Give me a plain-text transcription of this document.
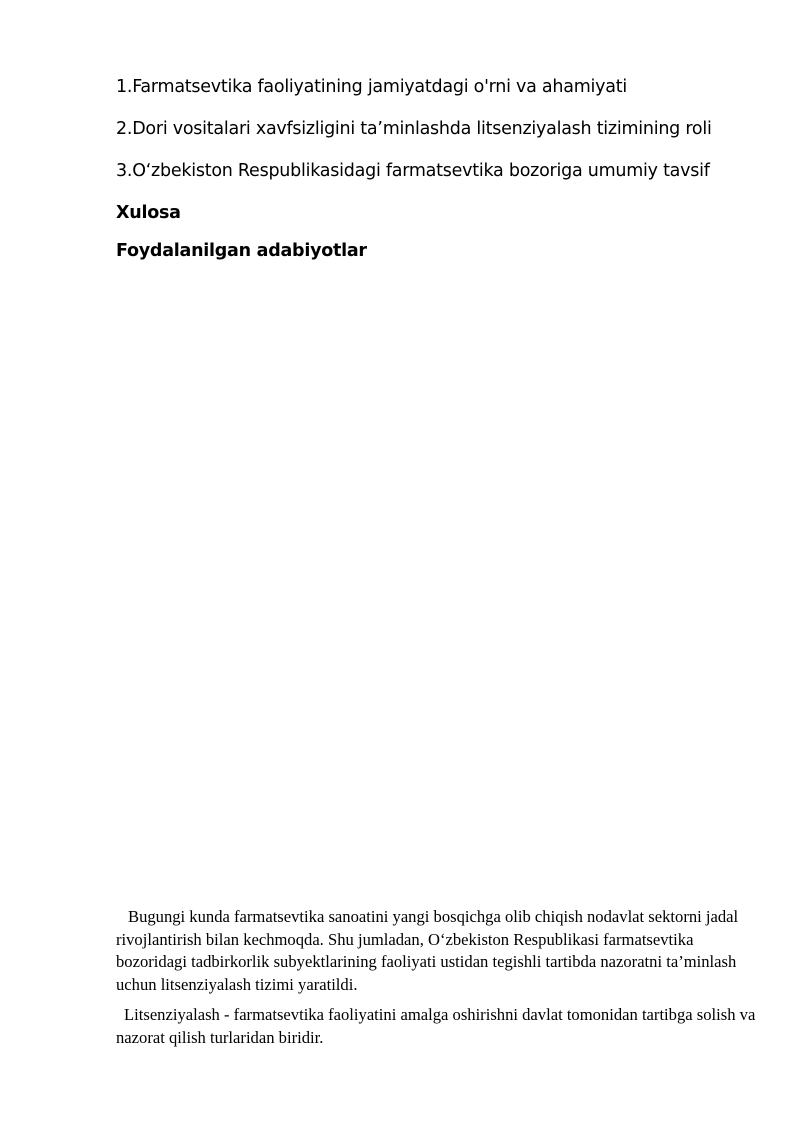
1.Farmatsevtika faoliyatining jamiyatdagi o'rni va ahamiyati
2.Dori vositalari xavfsizligini ta’minlashda litsenziyalash tizimining roli
3.O‘zbekiston Respublikasidagi farmatsevtika bozoriga umumiy tavsif
Xulosa
Foydalanilgan adabiyotlar

Bugungi kunda farmatsevtika sanoatini yangi bosqichga olib chiqish nodavlat sektorni jadal rivojlantirish bilan kechmoqda. Shu jumladan, O‘zbekiston Respublikasi farmatsevtika bozoridagi tadbirkorlik subyektlarining faoliyati ustidan tegishli tartibda nazoratni ta’minlash uchun litsenziyalash tizimi yaratildi.

Litsenziyalash - farmatsevtika faoliyatini amalga oshirishni davlat tomonidan tartibga solish va nazorat qilish turlaridan biridir.
